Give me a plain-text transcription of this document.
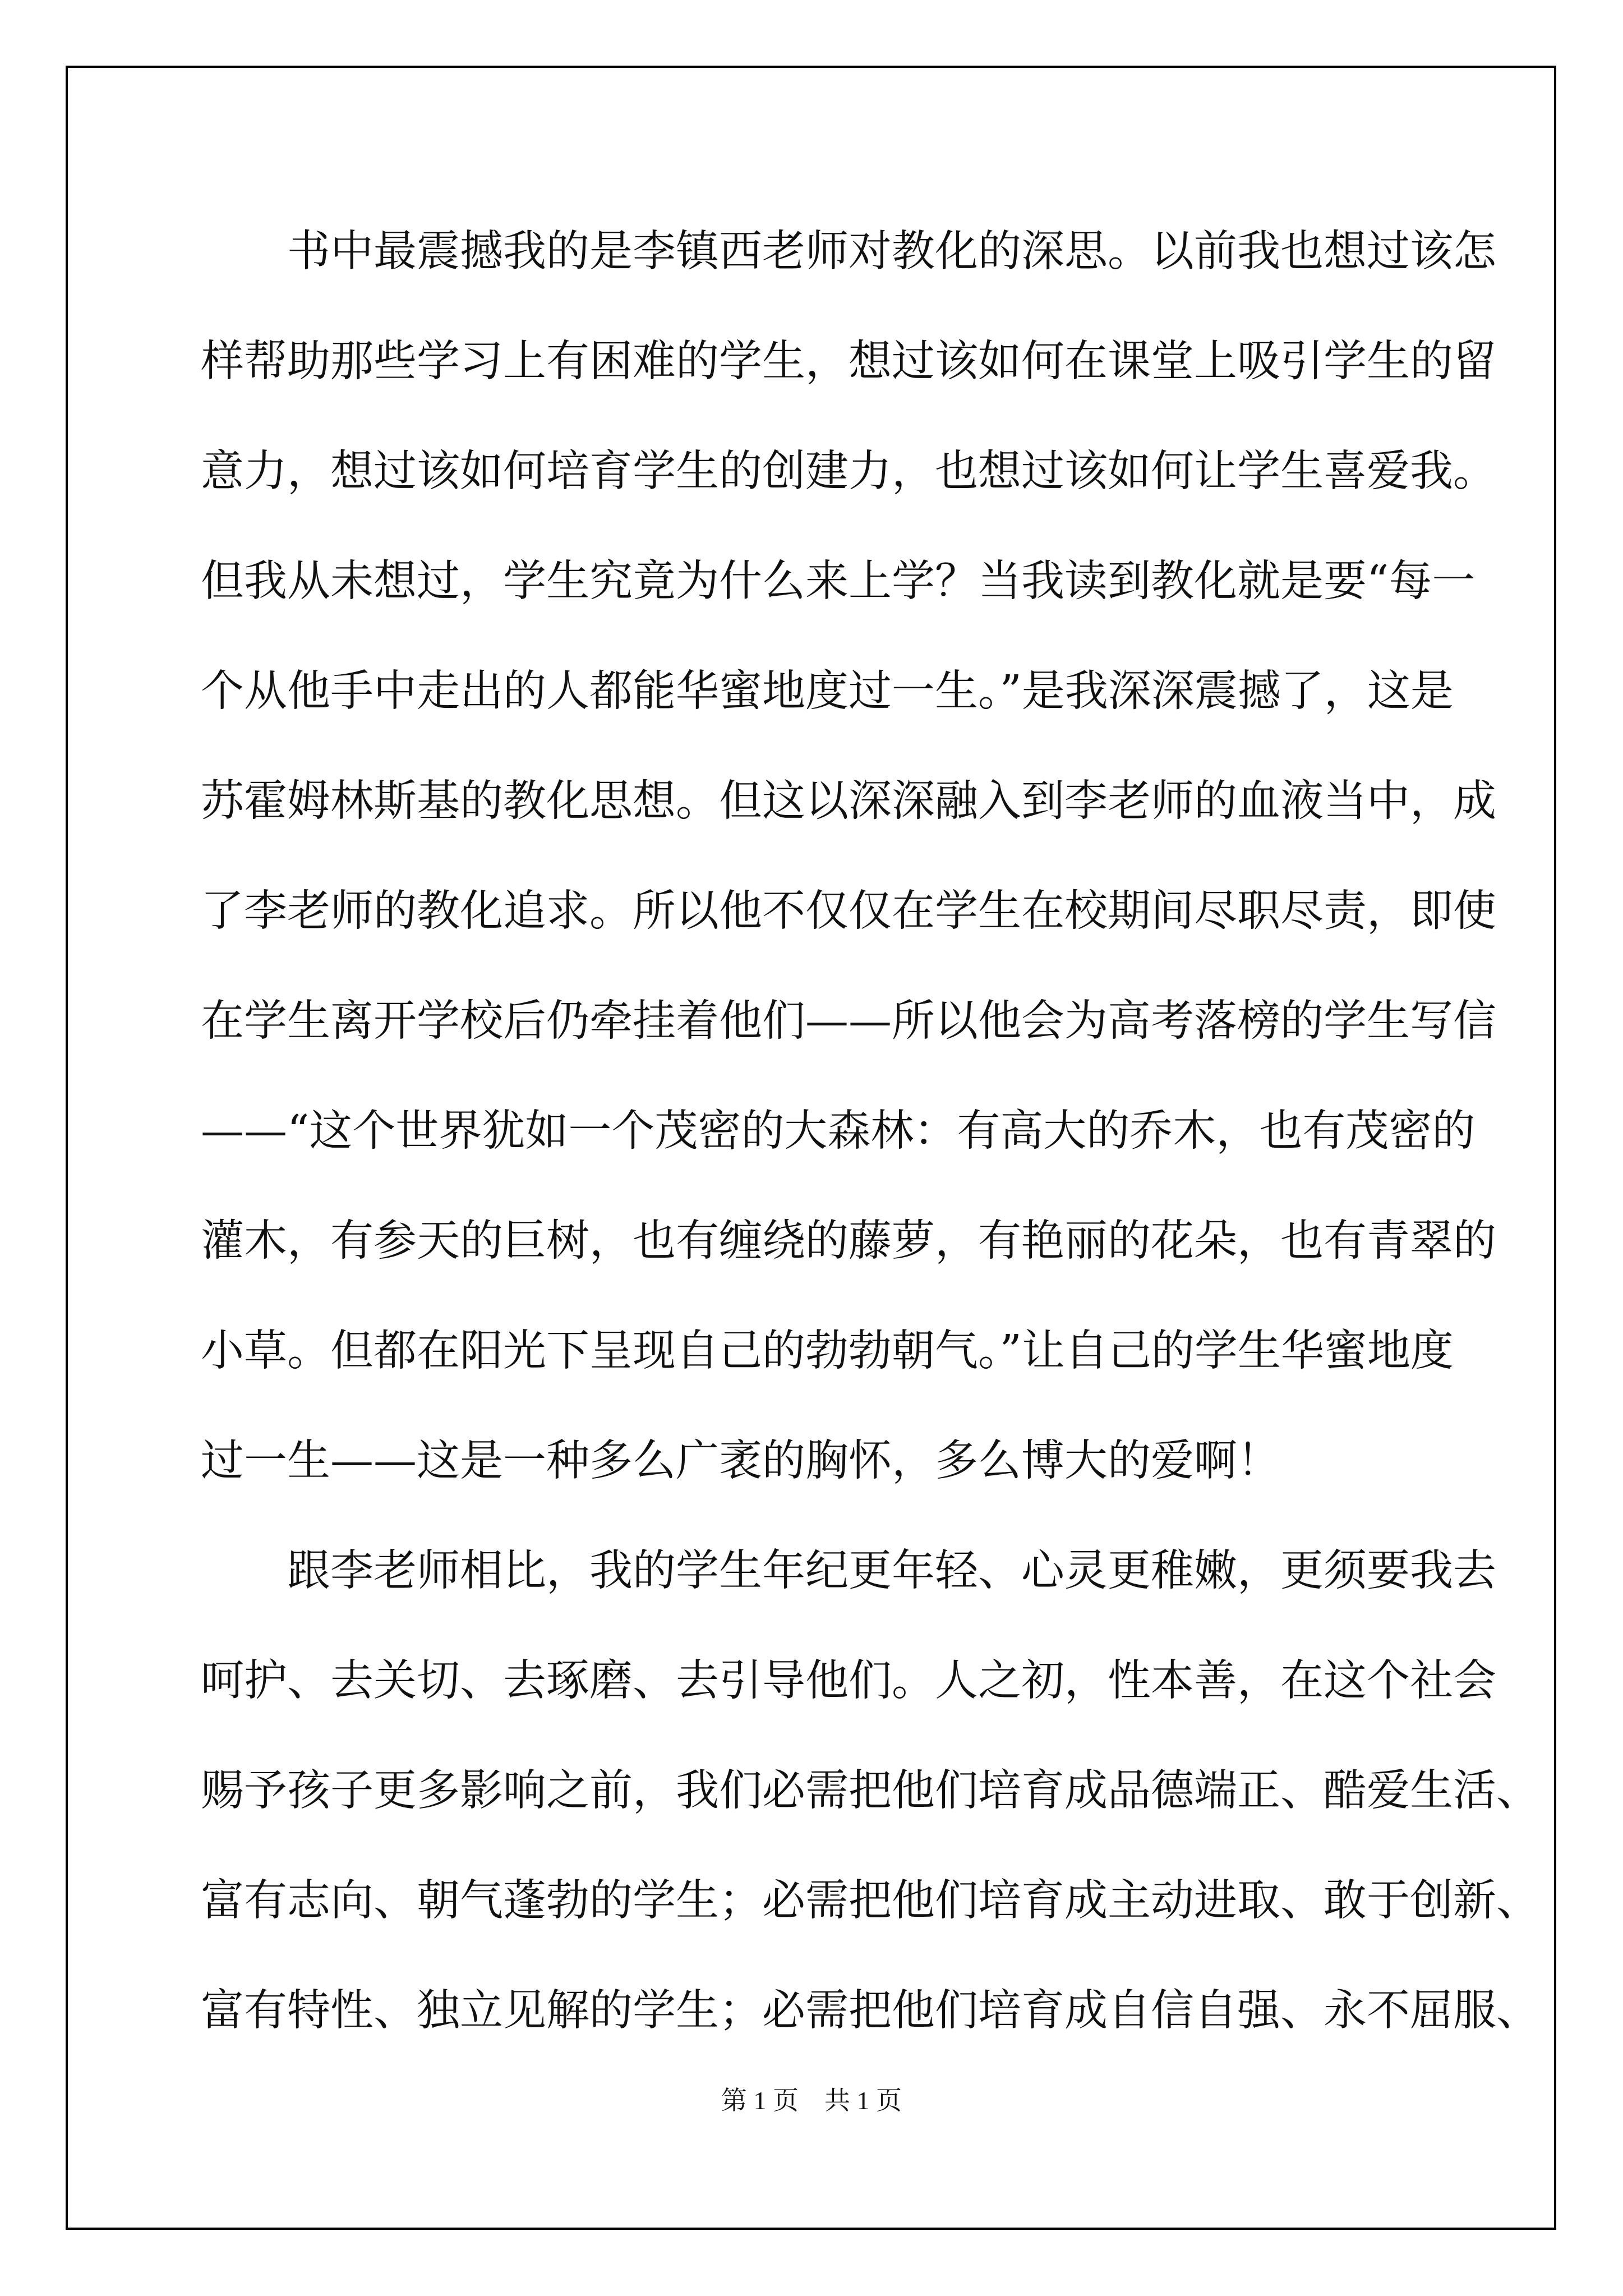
　　书中最震撼我的是李镇西老师对教化的深思。以前我也想过该怎

样帮助那些学习上有困难的学生，想过该如何在课堂上吸引学生的留

意力，想过该如何培育学生的创建力，也想过该如何让学生喜爱我。

但我从未想过，学生究竟为什么来上学？当我读到教化就是要“每一

个从他手中走出的人都能华蜜地度过一生。”是我深深震撼了，这是

苏霍姆林斯基的教化思想。但这以深深融入到李老师的血液当中，成

了李老师的教化追求。所以他不仅仅在学生在校期间尽职尽责，即使

在学生离开学校后仍牵挂着他们——所以他会为高考落榜的学生写信

——“这个世界犹如一个茂密的大森林：有高大的乔木，也有茂密的

灌木，有参天的巨树，也有缠绕的藤萝，有艳丽的花朵，也有青翠的

小草。但都在阳光下呈现自己的勃勃朝气。”让自己的学生华蜜地度

过一生——这是一种多么广袤的胸怀，多么博大的爱啊！

　　跟李老师相比，我的学生年纪更年轻、心灵更稚嫩，更须要我去

呵护、去关切、去琢磨、去引导他们。人之初，性本善，在这个社会

赐予孩子更多影响之前，我们必需把他们培育成品德端正、酷爱生活、

富有志向、朝气蓬勃的学生；必需把他们培育成主动进取、敢于创新、

富有特性、独立见解的学生；必需把他们培育成自信自强、永不屈服、

第 1 页 共 1 页
